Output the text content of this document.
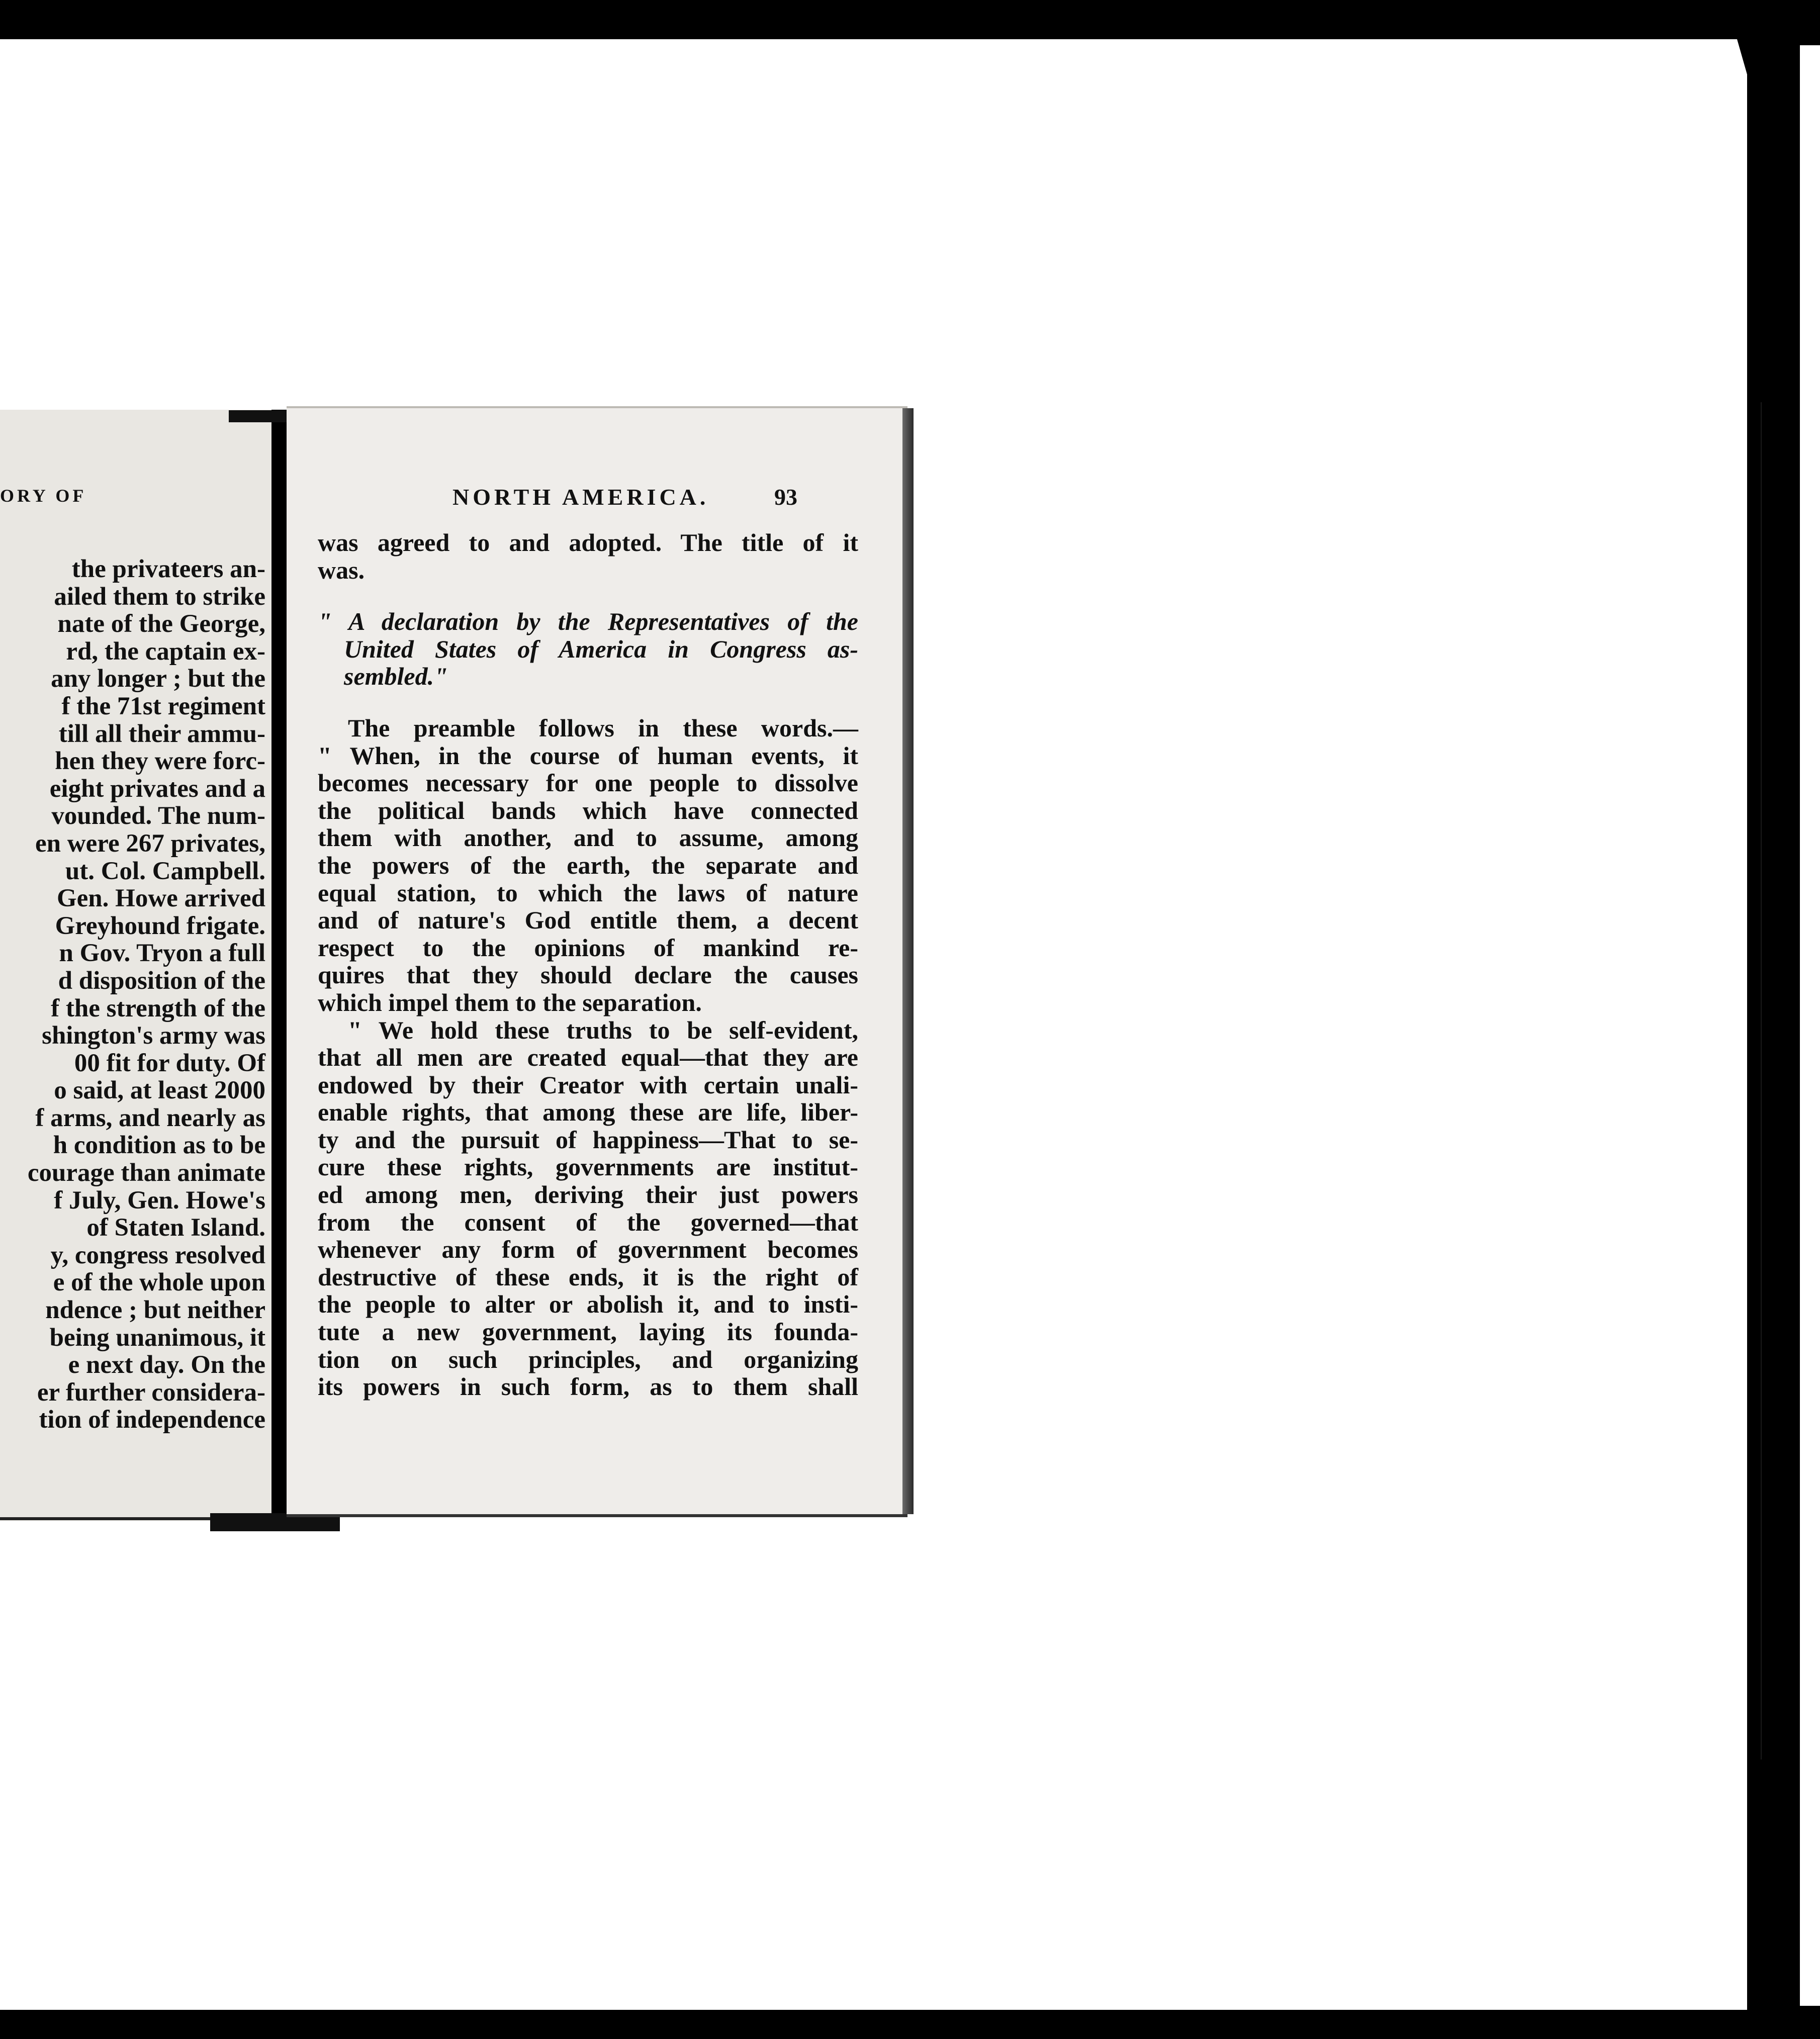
ORY OF
the privateers an-
ailed them to strike
nate of the George,
rd, the captain ex-
any longer ; but the
f the 71st regiment
till all their ammu-
hen they were forc-
eight privates and a
vounded. The num-
en were 267 privates,
ut. Col. Campbell.
Gen. Howe arrived
Greyhound frigate.
n Gov. Tryon a full
d disposition of the
f the strength of the
shington's army was
00 fit for duty. Of
o said, at least 2000
f arms, and nearly as
h condition as to be
courage than animate
f July, Gen. Howe's
of Staten Island.
y, congress resolved
e of the whole upon
ndence ; but neither
being unanimous, it
e next day. On the
er further considera-
tion of independence
NORTH AMERICA.	93
was agreed to and adopted. The title of it
was.
" A declaration by the Representatives of the
United States of America in Congress as-
sembled."
The preamble follows in these words.—
" When, in the course of human events, it
becomes necessary for one people to dissolve
the political bands which have connected
them with another, and to assume, among
the powers of the earth, the separate and
equal station, to which the laws of nature
and of nature's God entitle them, a decent
respect to the opinions of mankind re-
quires that they should declare the causes
which impel them to the separation.
" We hold these truths to be self-evident,
that all men are created equal—that they are
endowed by their Creator with certain unali-
enable rights, that among these are life, liber-
ty and the pursuit of happiness—That to se-
cure these rights, governments are institut-
ed among men, deriving their just powers
from the consent of the governed—that
whenever any form of government becomes
destructive of these ends, it is the right of
the people to alter or abolish it, and to insti-
tute a new government, laying its founda-
tion on such principles, and organizing
its powers in such form, as to them shall
